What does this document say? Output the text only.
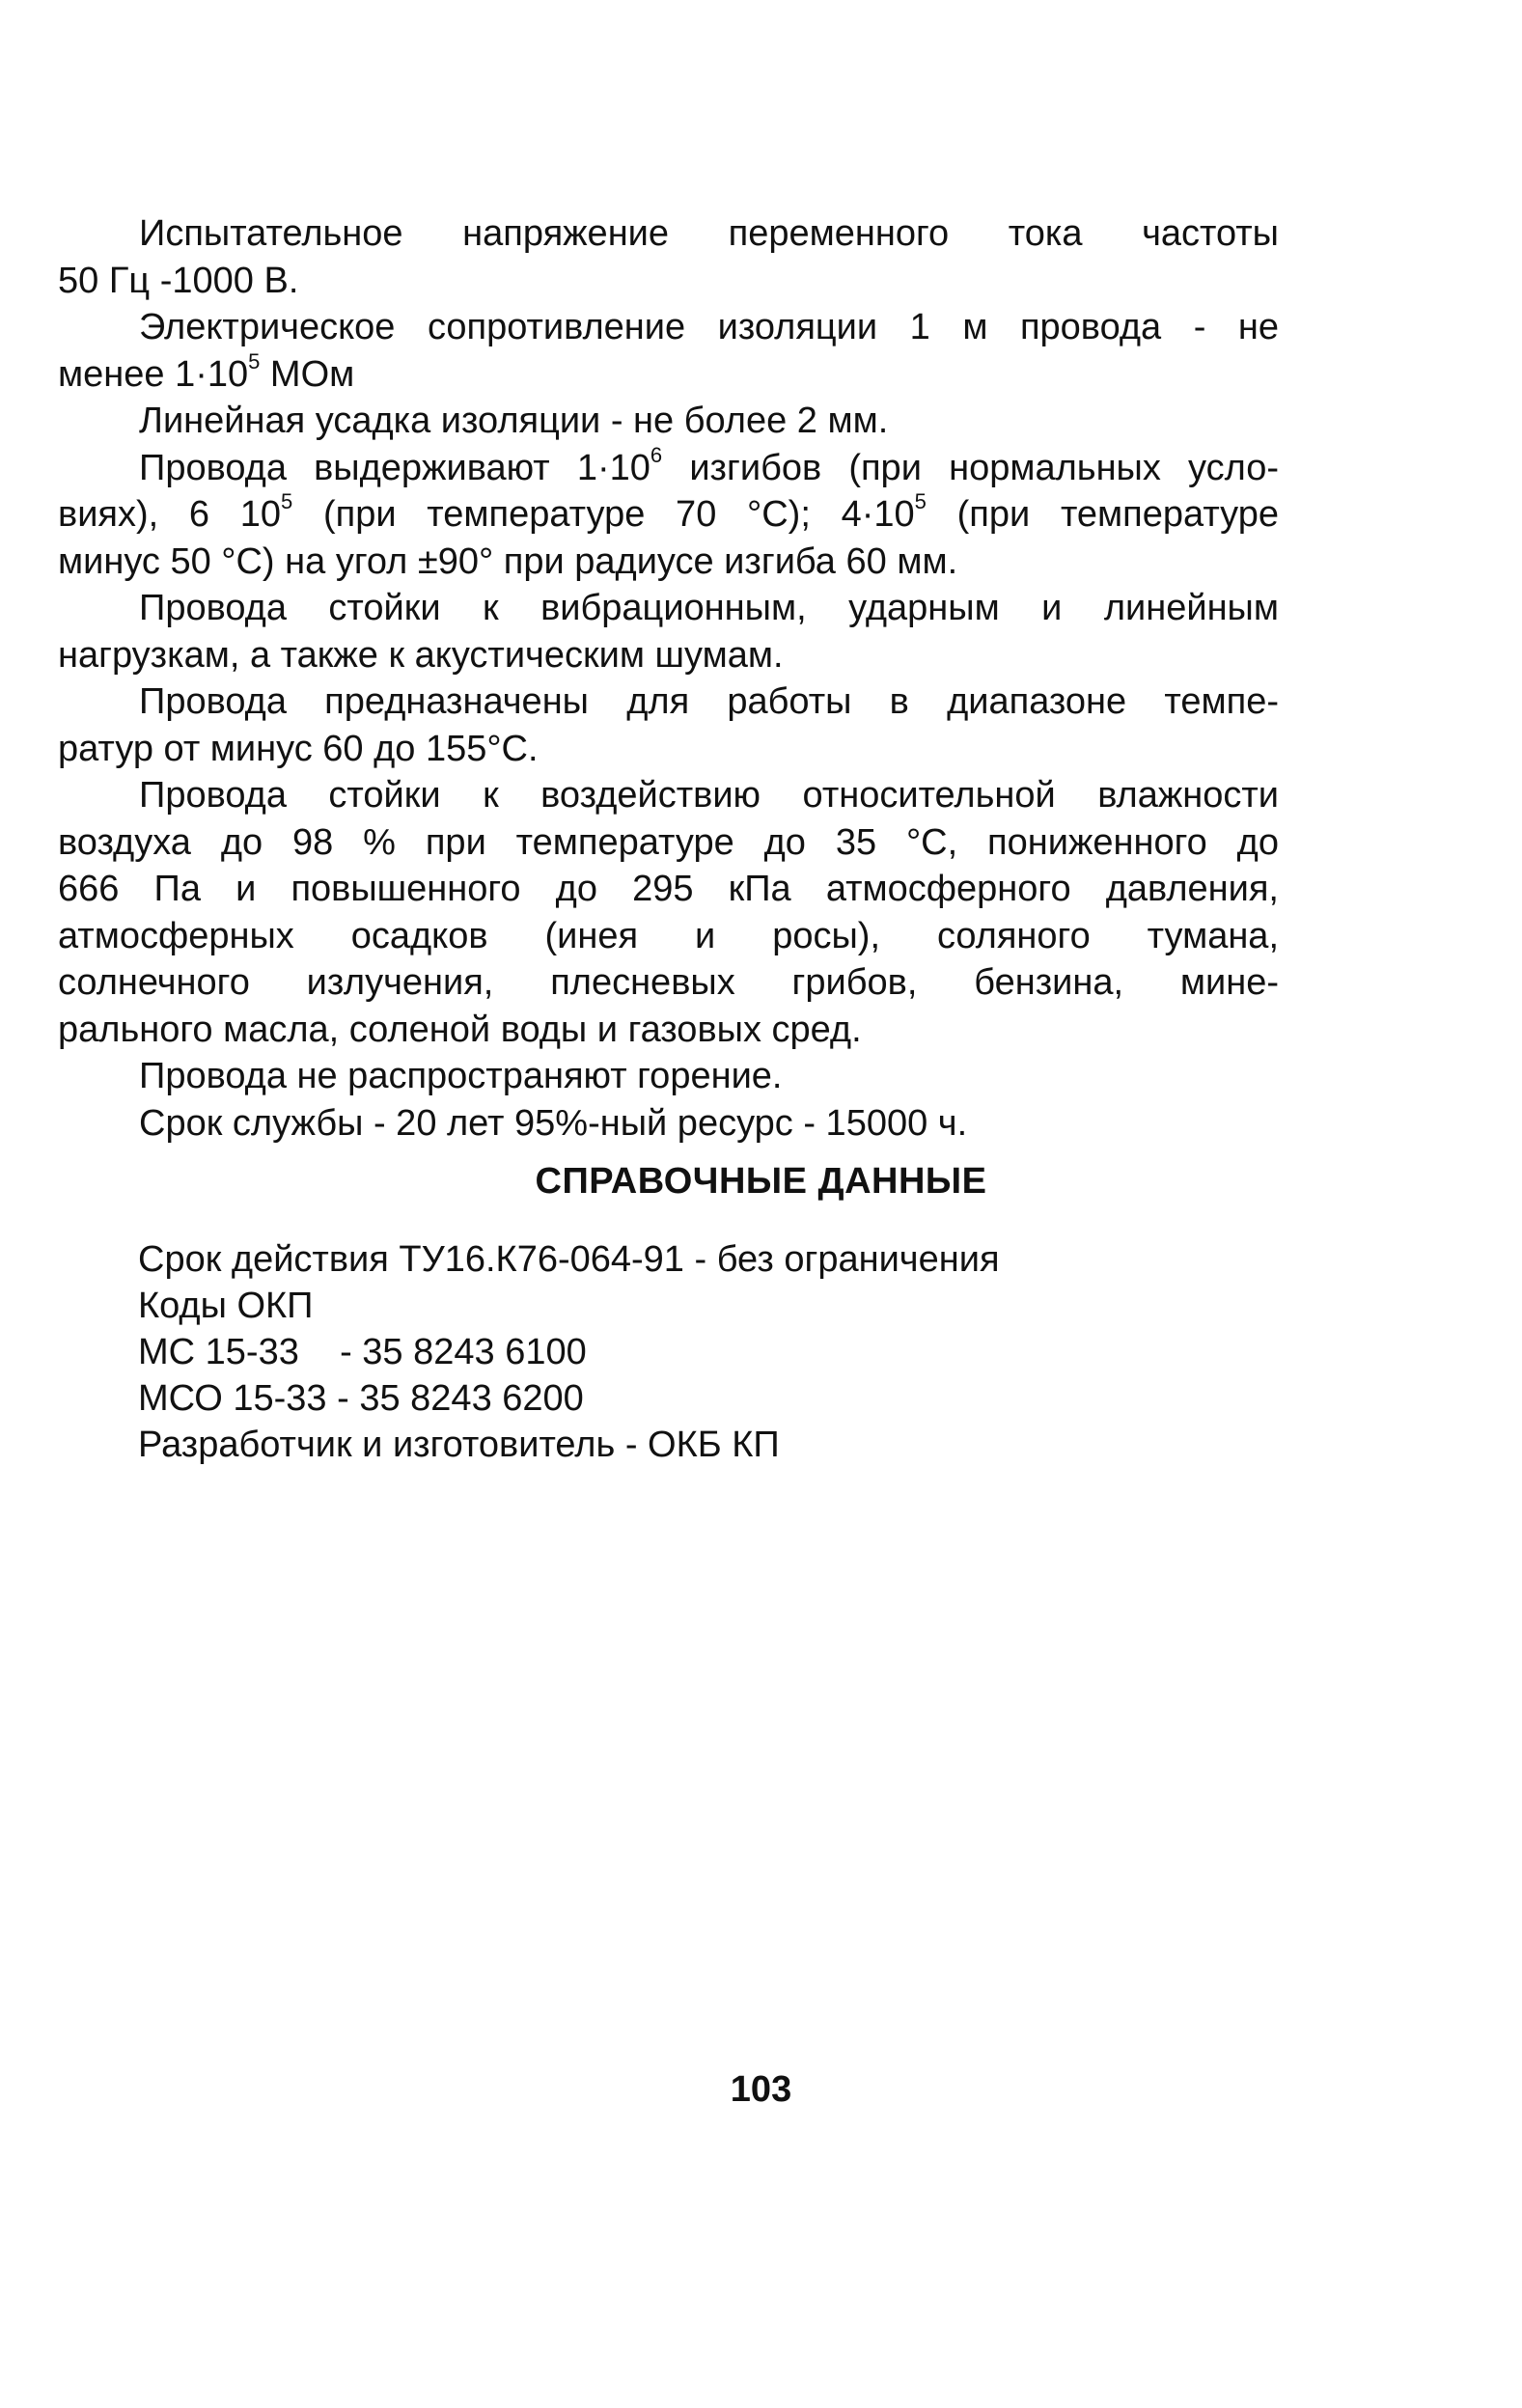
Испытательное напряжение переменного тока частоты
50 Гц -1000 В.
Электрическое сопротивление изоляции 1 м провода - не
менее $1\cdot 10^5$ МОм
Линейная усадка изоляции - не более 2 мм.
Провода выдерживают $1\cdot 10^6$ изгибов (при нормальных усло-
виях), 6 $10^5$ (при температуре 70 °С); $4\cdot 10^5$ (при температуре
минус 50 °С) на угол ±90° при радиусе изгиба 60 мм.
Провода стойки к вибрационным, ударным и линейным
нагрузкам, а также к акустическим шумам.
Провода предназначены для работы в диапазоне темпе-
ратур от минус 60 до 155°С.
Провода стойки к воздействию относительной влажности
воздуха до 98 % при температуре до 35 °С, пониженного до
666 Па и повышенного до 295 кПа атмосферного давления,
атмосферных осадков (инея и росы), соляного тумана,
солнечного излучения, плесневых грибов, бензина, мине-
рального масла, соленой воды и газовых сред.
Провода не распространяют горение.
Срок службы - 20 лет 95%-ный ресурс - 15000 ч.
СПРАВОЧНЫЕ ДАННЫЕ
Срок действия ТУ16.К76-064-91 - без ограничения
Коды ОКП
МС 15-33    - 35 8243 6100
МСО 15-33 - 35 8243 6200
Разработчик и изготовитель - ОКБ КП
103
